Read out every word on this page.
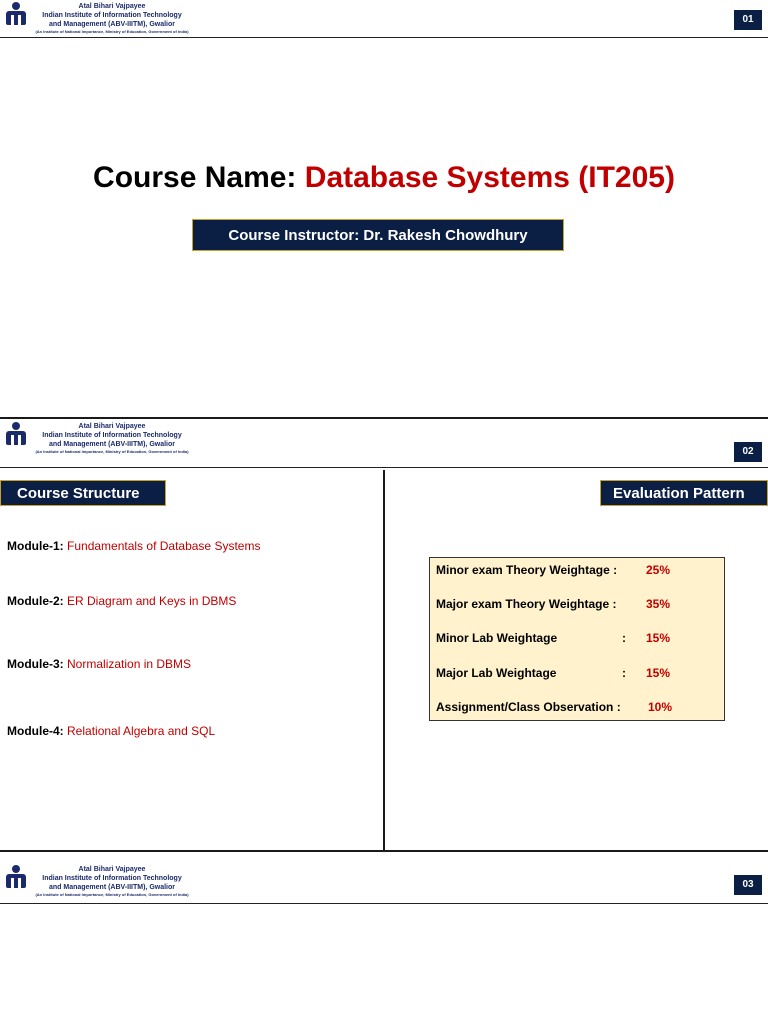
Atal Bihari Vajpayee
Indian Institute of Information Technology
and Management (ABV-IIITM), Gwalior
(An Institute of National Importance, Ministry of Education, Government of India)
01
Course Name: Database Systems (IT205)
Course Instructor: Dr. Rakesh Chowdhury
Atal Bihari Vajpayee
Indian Institute of Information Technology
and Management (ABV-IIITM), Gwalior
(An Institute of National Importance, Ministry of Education, Government of India)	02
Course Structure	Evaluation Pattern
Module-1: Fundamentals of Database Systems
Module-2: ER Diagram and Keys in DBMS
Module-3: Normalization in DBMS
Module-4: Relational Algebra and SQL
Minor exam Theory Weightage : 25%
Major exam Theory Weightage : 35%
Minor Lab Weightage	: 15%
Major Lab Weightage	: 15%
Assignment/Class Observation : 10%
Atal Bihari Vajpayee
Indian Institute of Information Technology
and Management (ABV-IIITM), Gwalior
(An Institute of National Importance, Ministry of Education, Government of India)
03
